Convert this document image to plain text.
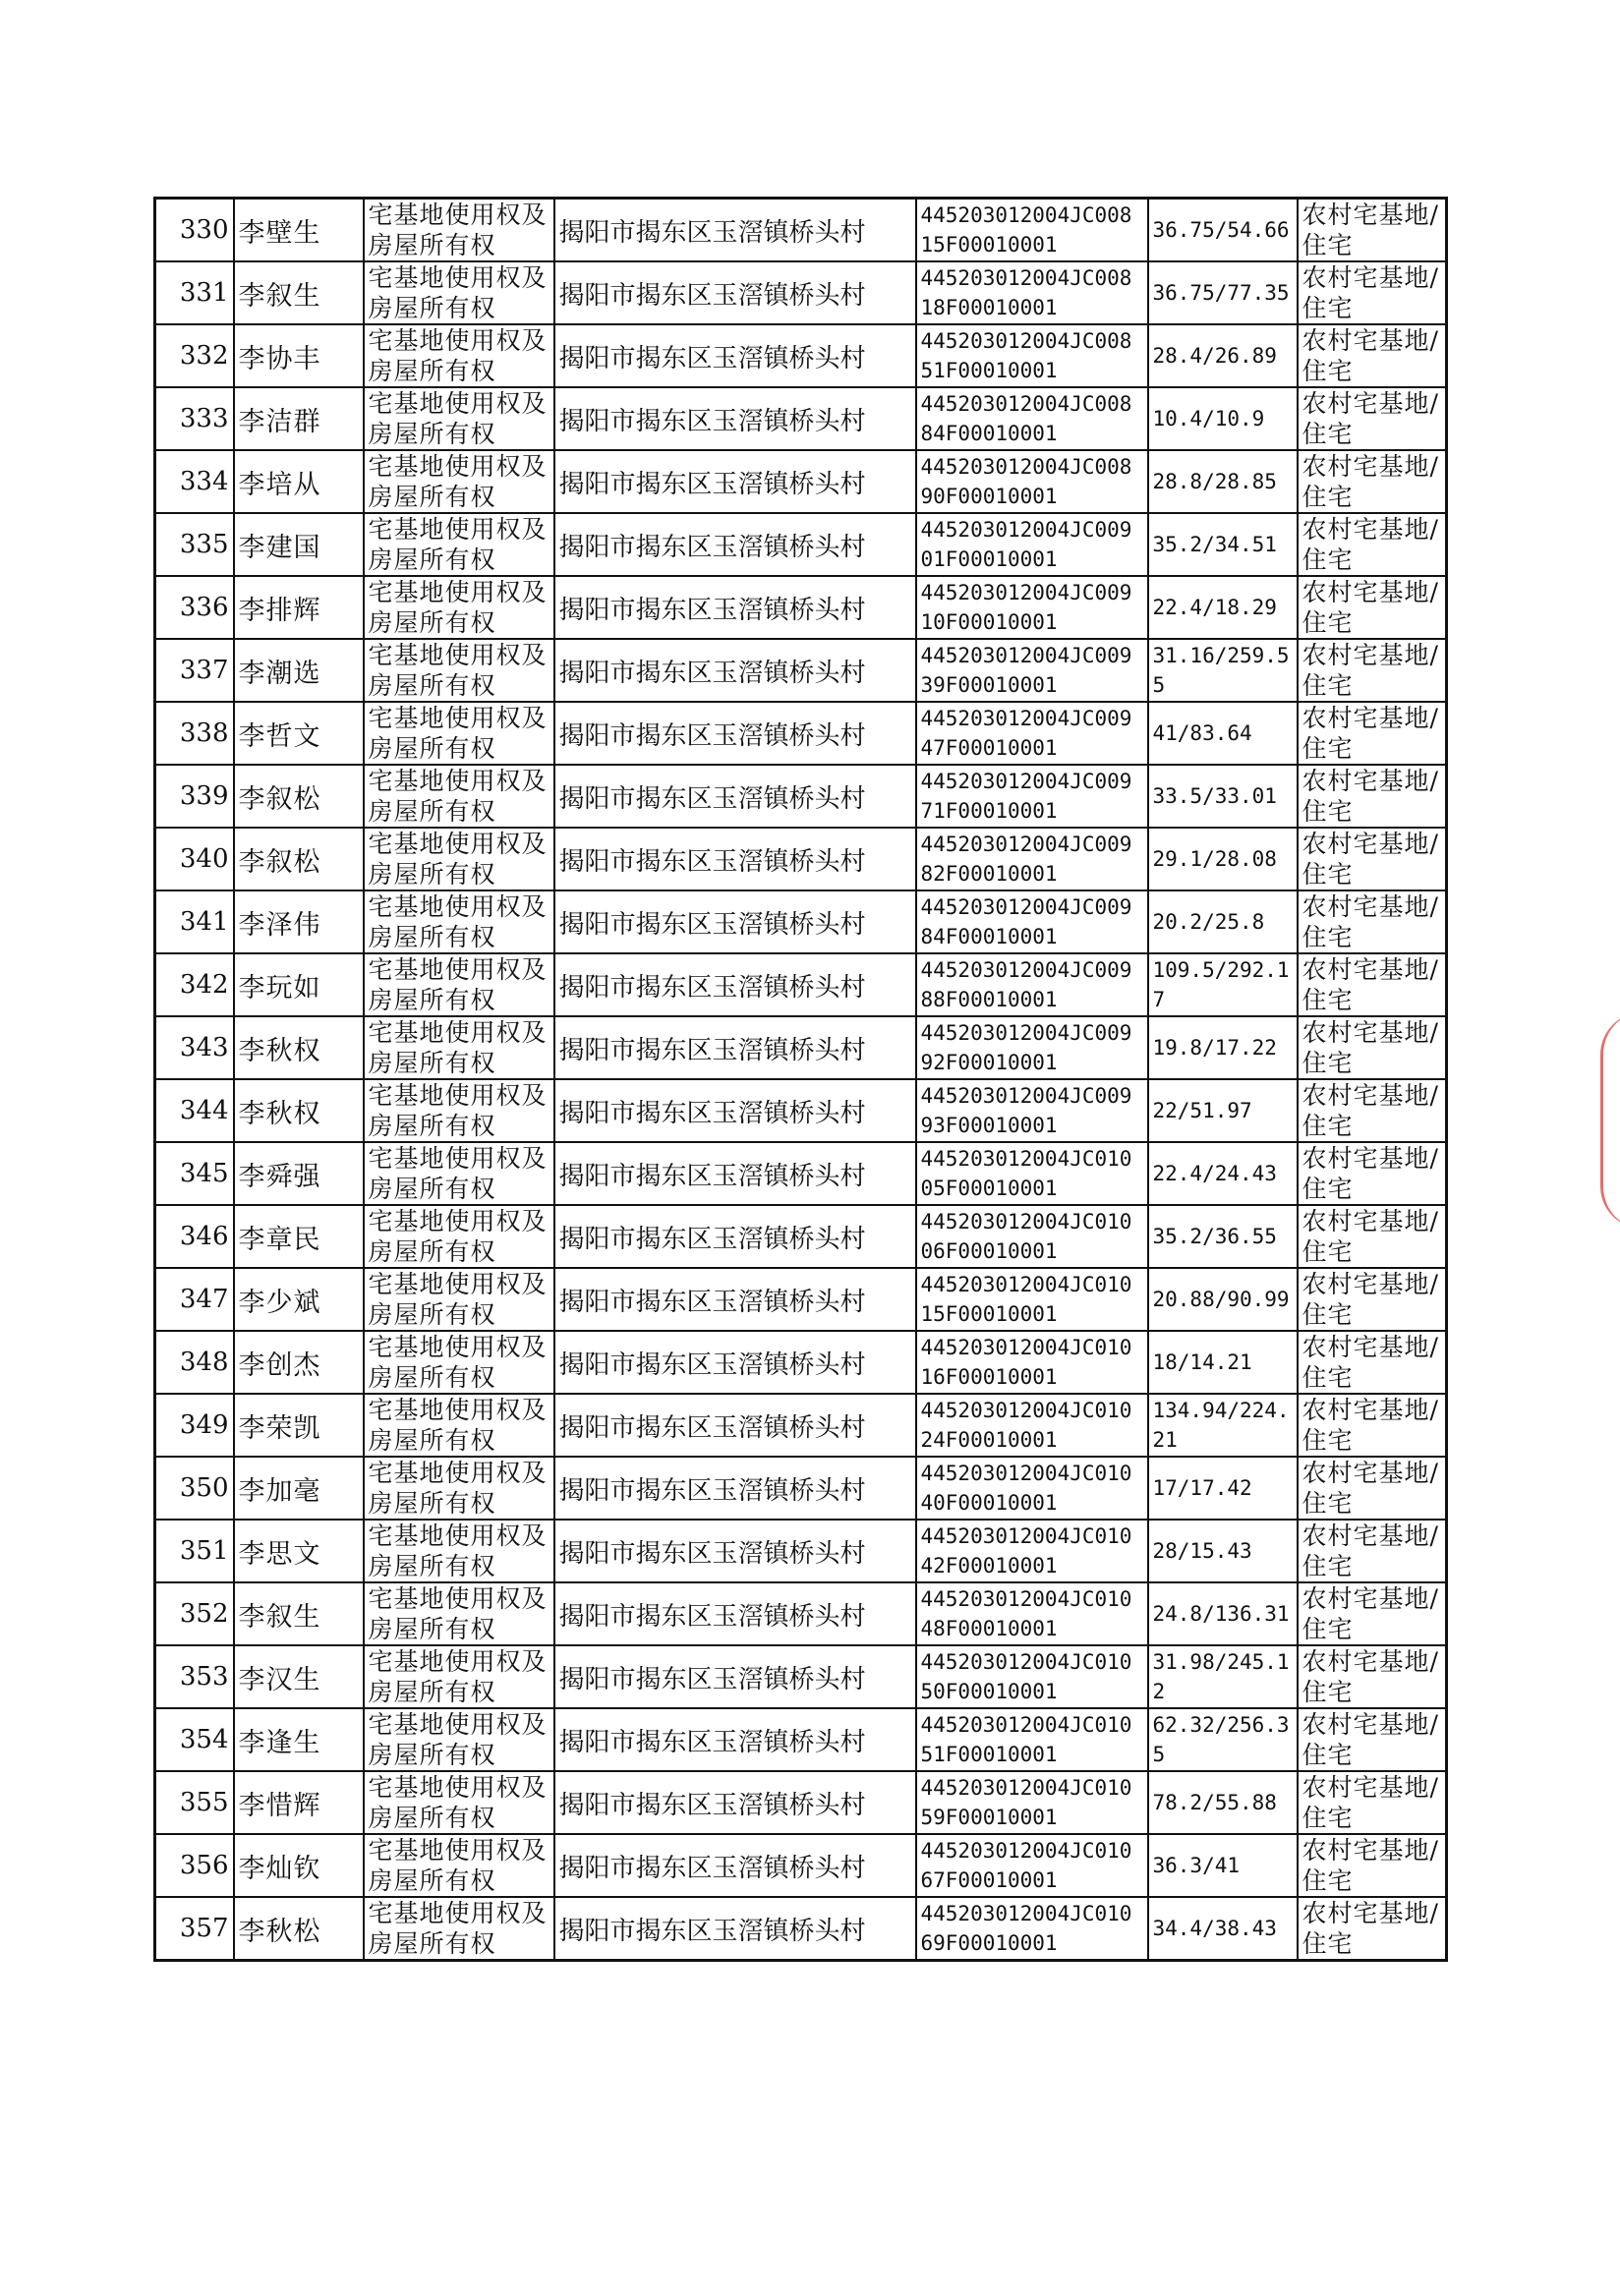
330	李壁生	宅基地使用权及房屋所有权	揭阳市揭东区玉滘镇桥头村	445203012004JC00815F00010001	36.75/54.66	农村宅基地/住宅

331	李叙生	宅基地使用权及房屋所有权	揭阳市揭东区玉滘镇桥头村	445203012004JC00818F00010001	36.75/77.35	农村宅基地/住宅

332	李协丰	宅基地使用权及房屋所有权	揭阳市揭东区玉滘镇桥头村	445203012004JC00851F00010001	28.4/26.89	农村宅基地/住宅

333	李洁群	宅基地使用权及房屋所有权	揭阳市揭东区玉滘镇桥头村	445203012004JC00884F00010001	10.4/10.9	农村宅基地/住宅

334	李培从	宅基地使用权及房屋所有权	揭阳市揭东区玉滘镇桥头村	445203012004JC00890F00010001	28.8/28.85	农村宅基地/住宅

335	李建国	宅基地使用权及房屋所有权	揭阳市揭东区玉滘镇桥头村	445203012004JC00901F00010001	35.2/34.51	农村宅基地/住宅

336	李排辉	宅基地使用权及房屋所有权	揭阳市揭东区玉滘镇桥头村	445203012004JC00910F00010001	22.4/18.29	农村宅基地/住宅

337	李潮选	宅基地使用权及房屋所有权	揭阳市揭东区玉滘镇桥头村	445203012004JC00939F00010001	31.16/259.55	农村宅基地/住宅

338	李哲文	宅基地使用权及房屋所有权	揭阳市揭东区玉滘镇桥头村	445203012004JC00947F00010001	41/83.64	农村宅基地/住宅

339	李叙松	宅基地使用权及房屋所有权	揭阳市揭东区玉滘镇桥头村	445203012004JC00971F00010001	33.5/33.01	农村宅基地/住宅

340	李叙松	宅基地使用权及房屋所有权	揭阳市揭东区玉滘镇桥头村	445203012004JC00982F00010001	29.1/28.08	农村宅基地/住宅

341	李泽伟	宅基地使用权及房屋所有权	揭阳市揭东区玉滘镇桥头村	445203012004JC00984F00010001	20.2/25.8	农村宅基地/住宅

342	李玩如	宅基地使用权及房屋所有权	揭阳市揭东区玉滘镇桥头村	445203012004JC00988F00010001	109.5/292.17	农村宅基地/住宅

343	李秋权	宅基地使用权及房屋所有权	揭阳市揭东区玉滘镇桥头村	445203012004JC00992F00010001	19.8/17.22	农村宅基地/住宅

344	李秋权	宅基地使用权及房屋所有权	揭阳市揭东区玉滘镇桥头村	445203012004JC00993F00010001	22/51.97	农村宅基地/住宅

345	李舜强	宅基地使用权及房屋所有权	揭阳市揭东区玉滘镇桥头村	445203012004JC01005F00010001	22.4/24.43	农村宅基地/住宅

346	李章民	宅基地使用权及房屋所有权	揭阳市揭东区玉滘镇桥头村	445203012004JC01006F00010001	35.2/36.55	农村宅基地/住宅

347	李少斌	宅基地使用权及房屋所有权	揭阳市揭东区玉滘镇桥头村	445203012004JC01015F00010001	20.88/90.99	农村宅基地/住宅

348	李创杰	宅基地使用权及房屋所有权	揭阳市揭东区玉滘镇桥头村	445203012004JC01016F00010001	18/14.21	农村宅基地/住宅

349	李荣凯	宅基地使用权及房屋所有权	揭阳市揭东区玉滘镇桥头村	445203012004JC01024F00010001	134.94/224.21	农村宅基地/住宅

350	李加毫	宅基地使用权及房屋所有权	揭阳市揭东区玉滘镇桥头村	445203012004JC01040F00010001	17/17.42	农村宅基地/住宅

351	李思文	宅基地使用权及房屋所有权	揭阳市揭东区玉滘镇桥头村	445203012004JC01042F00010001	28/15.43	农村宅基地/住宅

352	李叙生	宅基地使用权及房屋所有权	揭阳市揭东区玉滘镇桥头村	445203012004JC01048F00010001	24.8/136.31	农村宅基地/住宅

353	李汉生	宅基地使用权及房屋所有权	揭阳市揭东区玉滘镇桥头村	445203012004JC01050F00010001	31.98/245.12	农村宅基地/住宅

354	李逢生	宅基地使用权及房屋所有权	揭阳市揭东区玉滘镇桥头村	445203012004JC01051F00010001	62.32/256.35	农村宅基地/住宅

355	李惜辉	宅基地使用权及房屋所有权	揭阳市揭东区玉滘镇桥头村	445203012004JC01059F00010001	78.2/55.88	农村宅基地/住宅

356	李灿钦	宅基地使用权及房屋所有权	揭阳市揭东区玉滘镇桥头村	445203012004JC01067F00010001	36.3/41	农村宅基地/住宅

357	李秋松	宅基地使用权及房屋所有权	揭阳市揭东区玉滘镇桥头村	445203012004JC01069F00010001	34.4/38.43	农村宅基地/住宅
